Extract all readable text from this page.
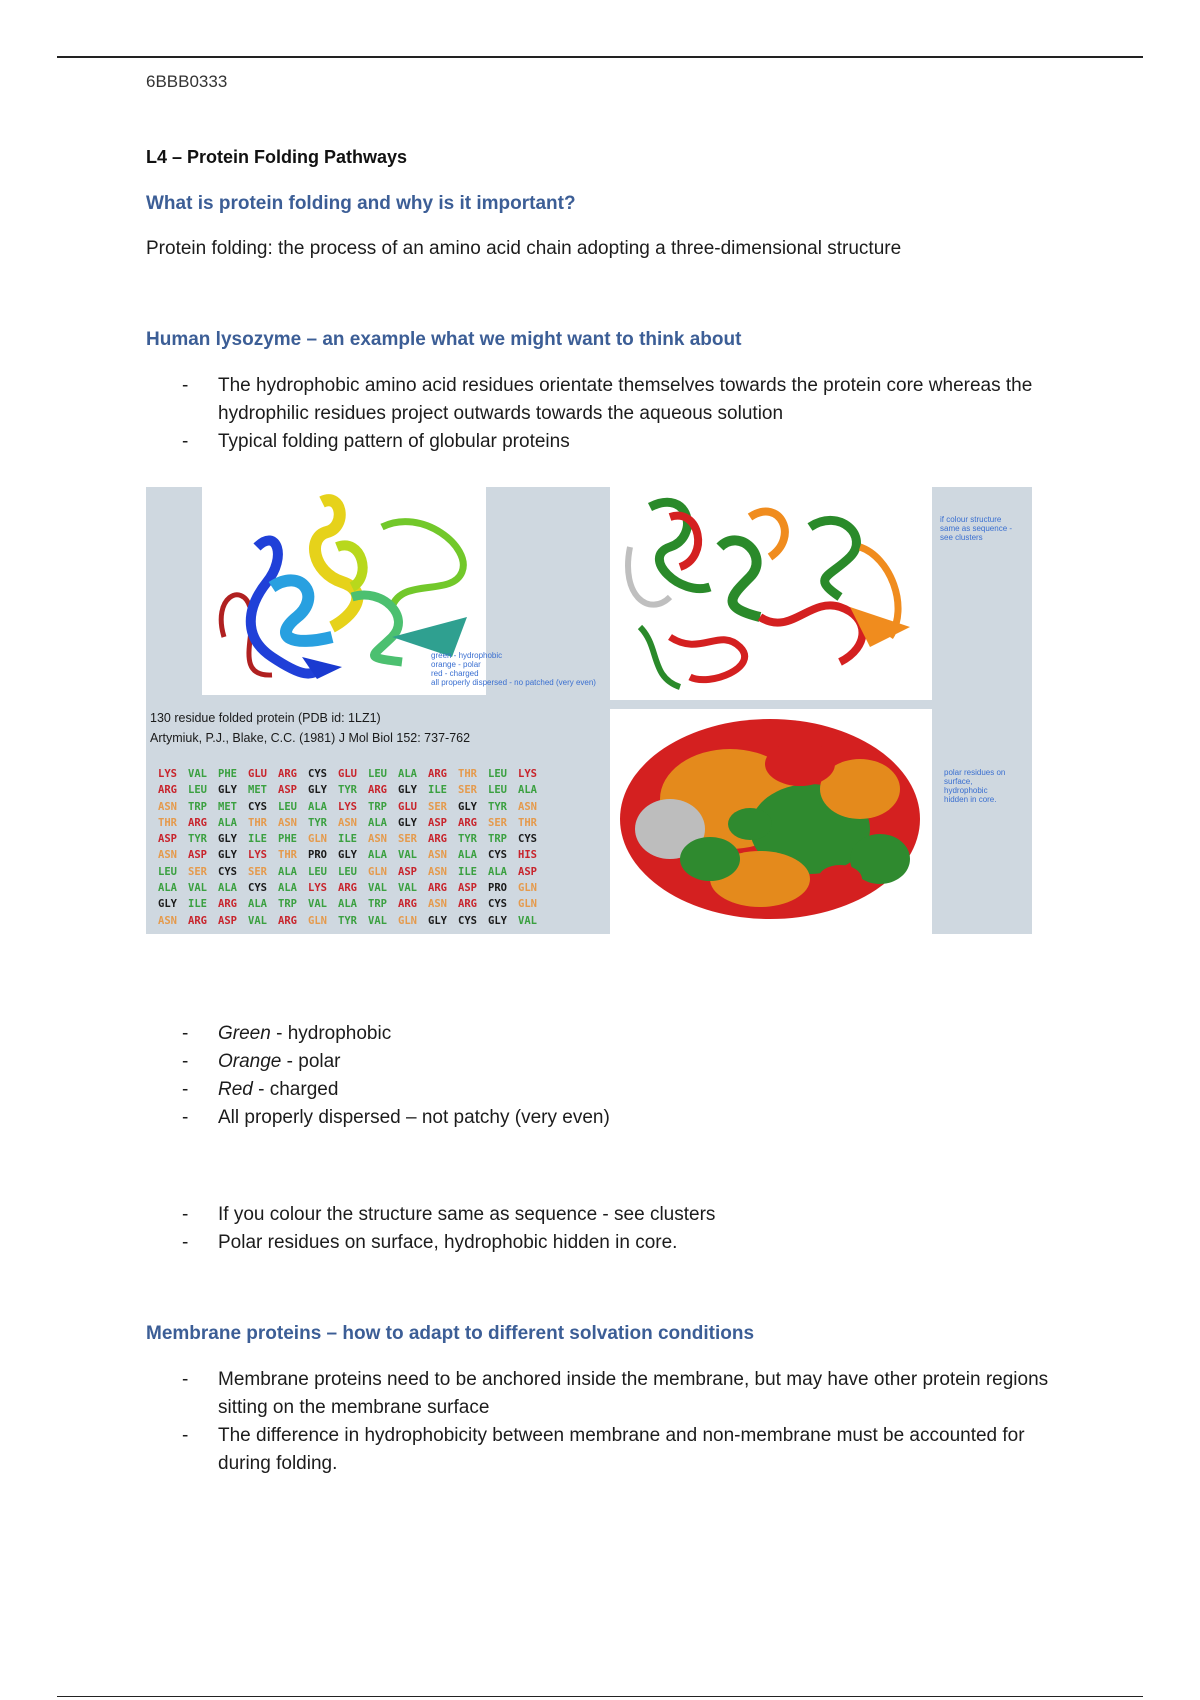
6BBB0333
L4 – Protein Folding Pathways
What is protein folding and why is it important?
Protein folding: the process of an amino acid chain adopting a three-dimensional structure
Human lysozyme – an example what we might want to think about
- The hydrophobic amino acid residues orientate themselves towards the protein core whereas the hydrophilic residues project outwards towards the aqueous solution
- Typical folding pattern of globular proteins
green - hydrophobic
orange - polar
red - charged
all properly dispersed - no patched (very even)
if colour structure
same as sequence -
see clusters
polar residues on
surface,
hydrophobic
hidden in core.
130 residue folded protein (PDB id: 1LZ1)
Artymiuk, P.J., Blake, C.C. (1981) J Mol Biol 152: 737-762
LYS VAL PHE GLU ARG CYS GLU LEU ALA ARG THR LEU LYS
ARG LEU GLY MET ASP GLY TYR ARG GLY ILE SER LEU ALA
ASN TRP MET CYS LEU ALA LYS TRP GLU SER GLY TYR ASN
THR ARG ALA THR ASN TYR ASN ALA GLY ASP ARG SER THR
ASP TYR GLY ILE PHE GLN ILE ASN SER ARG TYR TRP CYS
ASN ASP GLY LYS THR PRO GLY ALA VAL ASN ALA CYS HIS
LEU SER CYS SER ALA LEU LEU GLN ASP ASN ILE ALA ASP
ALA VAL ALA CYS ALA LYS ARG VAL VAL ARG ASP PRO GLN
GLY ILE ARG ALA TRP VAL ALA TRP ARG ASN ARG CYS GLN
ASN ARG ASP VAL ARG GLN TYR VAL GLN GLY CYS GLY VAL
- Green - hydrophobic
- Orange - polar
- Red - charged
- All properly dispersed – not patchy (very even)
- If you colour the structure same as sequence - see clusters
- Polar residues on surface, hydrophobic hidden in core.
Membrane proteins – how to adapt to different solvation conditions
- Membrane proteins need to be anchored inside the membrane, but may have other protein regions sitting on the membrane surface
- The difference in hydrophobicity between membrane and non-membrane must be accounted for during folding.
